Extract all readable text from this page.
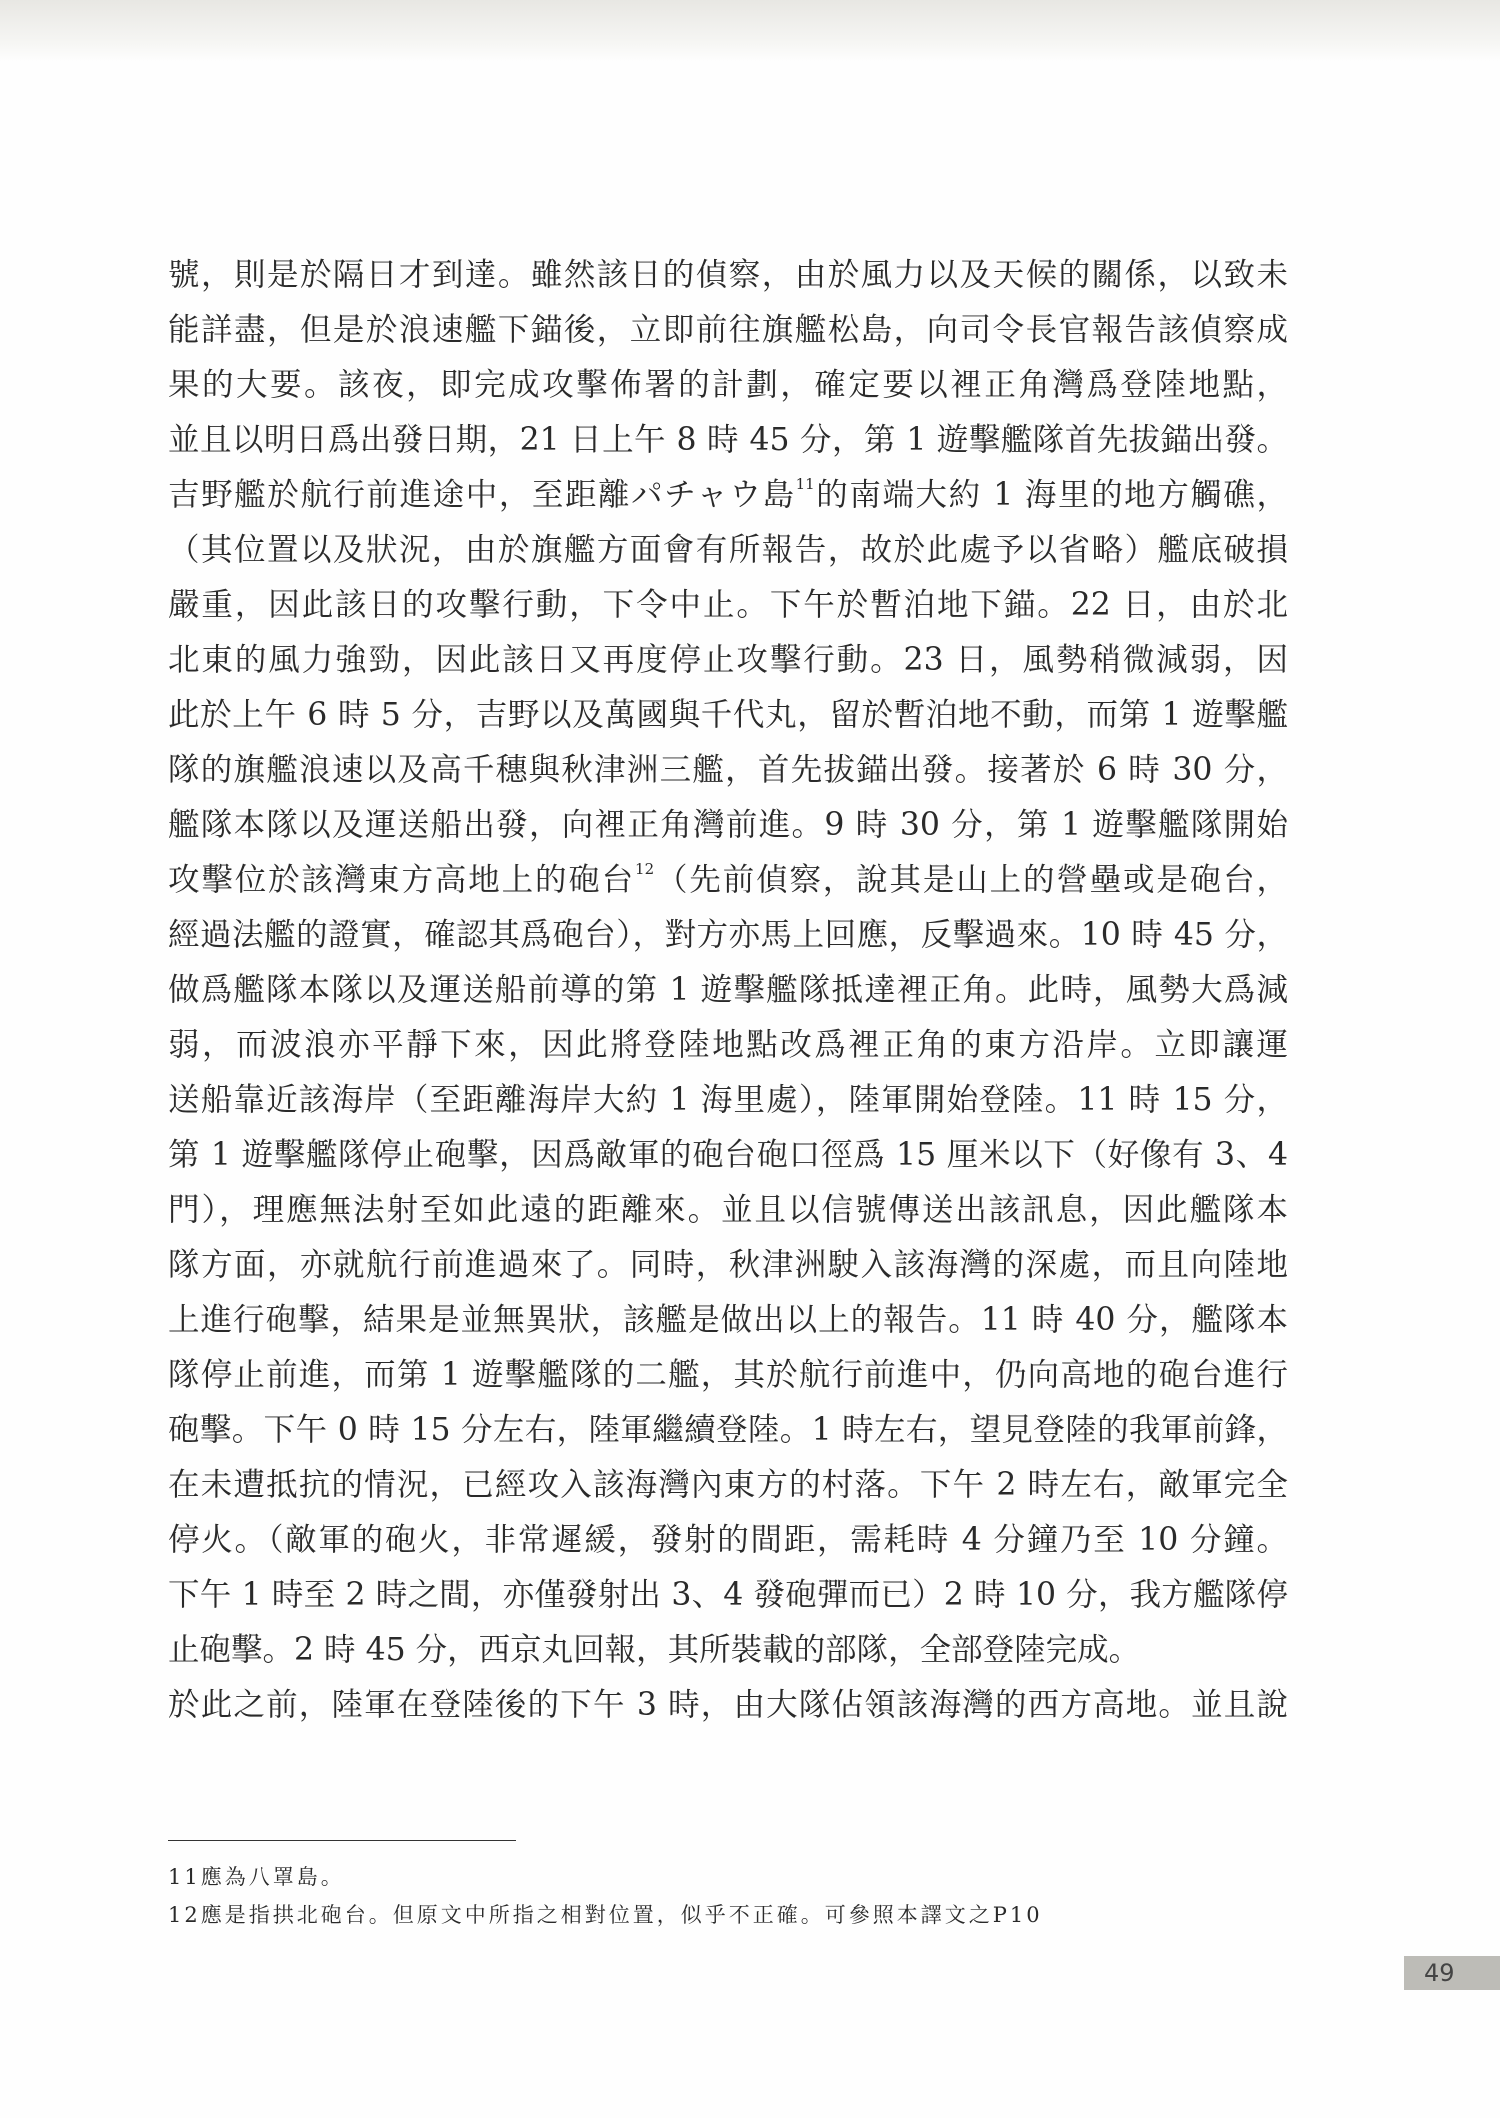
號，則是於隔日才到達。雖然該日的偵察，由於風力以及天候的關係，以致未
能詳盡，但是於浪速艦下錨後，立即前往旗艦松島，向司令長官報告該偵察成
果的大要。該夜，即完成攻擊佈署的計劃，確定要以裡正角灣爲登陸地點，
並且以明日爲出發日期，21 日上午 8 時 45 分，第 1 遊擊艦隊首先拔錨出發。
吉野艦於航行前進途中，至距離パチャウ島$^{11}$的南端大約 1 海里的地方觸礁，
（其位置以及狀況，由於旗艦方面會有所報告，故於此處予以省略）艦底破損
嚴重，因此該日的攻擊行動，下令中止。下午於暫泊地下錨。22 日，由於北
北東的風力強勁，因此該日又再度停止攻擊行動。23 日，風勢稍微減弱，因
此於上午 6 時 5 分，吉野以及萬國與千代丸，留於暫泊地不動，而第 1 遊擊艦
隊的旗艦浪速以及高千穗與秋津洲三艦，首先拔錨出發。接著於 6 時 30 分，
艦隊本隊以及運送船出發，向裡正角灣前進。9 時 30 分，第 1 遊擊艦隊開始
攻擊位於該灣東方高地上的砲台$^{12}$（先前偵察，說其是山上的營壘或是砲台，
經過法艦的證實，確認其爲砲台），對方亦馬上回應，反擊過來。10 時 45 分，
做爲艦隊本隊以及運送船前導的第 1 遊擊艦隊抵達裡正角。此時，風勢大爲減
弱，而波浪亦平靜下來，因此將登陸地點改爲裡正角的東方沿岸。立即讓運
送船靠近該海岸（至距離海岸大約 1 海里處），陸軍開始登陸。11 時 15 分，
第 1 遊擊艦隊停止砲擊，因爲敵軍的砲台砲口徑爲 15 厘米以下（好像有 3、4
門），理應無法射至如此遠的距離來。並且以信號傳送出該訊息，因此艦隊本
隊方面，亦就航行前進過來了。同時，秋津洲駛入該海灣的深處，而且向陸地
上進行砲擊，結果是並無異狀，該艦是做出以上的報告。11 時 40 分，艦隊本
隊停止前進，而第 1 遊擊艦隊的二艦，其於航行前進中，仍向高地的砲台進行
砲擊。下午 0 時 15 分左右，陸軍繼續登陸。1 時左右，望見登陸的我軍前鋒，
在未遭抵抗的情況，已經攻入該海灣內東方的村落。下午 2 時左右，敵軍完全
停火。（敵軍的砲火，非常遲緩，發射的間距，需耗時 4 分鐘乃至 10 分鐘。
下午 1 時至 2 時之間，亦僅發射出 3、4 發砲彈而已）2 時 10 分，我方艦隊停
止砲擊。2 時 45 分，西京丸回報，其所裝載的部隊，全部登陸完成。
於此之前，陸軍在登陸後的下午 3 時，由大隊佔領該海灣的西方高地。並且說
11應為八罩島。
12應是指拱北砲台。但原文中所指之相對位置，似乎不正確。可參照本譯文之P10
49
